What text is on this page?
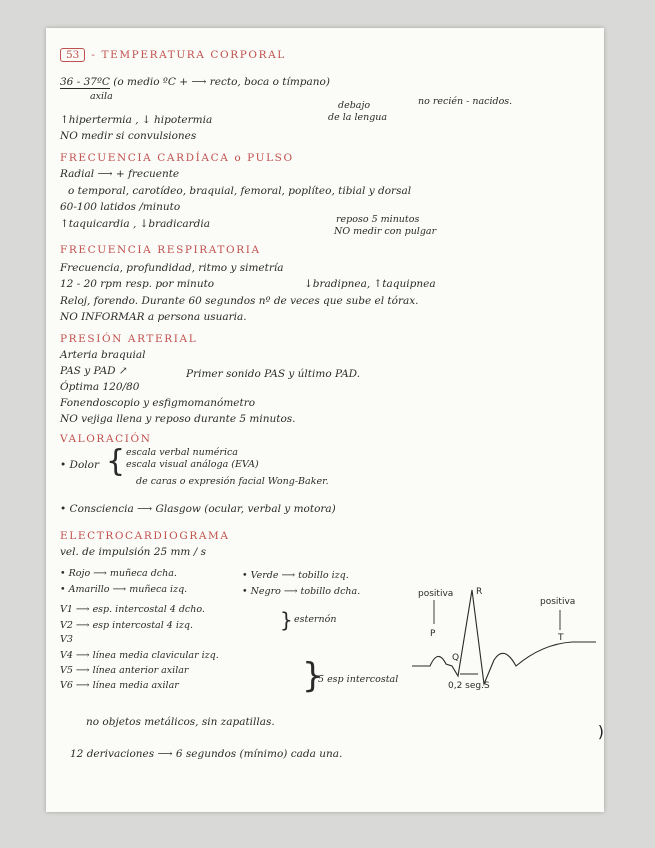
53 - TEMPERATURA CORPORAL
36 - 37ºC (o medio ºC + ⟶ recto, boca o tímpano)
axila
debajo
de la lengua
no recién - nacidos.
↑hipertermia , ↓ hipotermia
NO medir si convulsiones
FRECUENCIA CARDÍACA o PULSO
Radial ⟶ + frecuente
o temporal, carotídeo, braquial, femoral, poplíteo, tibial y dorsal
60-100 latidos /minuto
↑taquicardia , ↓bradicardia	reposo 5 minutos
NO medir con pulgar
FRECUENCIA RESPIRATORIA
Frecuencia, profundidad, ritmo y simetría
12 - 20 rpm resp. por minuto	↓bradipnea, ↑taquipnea
Reloj, forendo. Durante 60 segundos nº de veces que sube el tórax.
NO INFORMAR a persona usuaria.
PRESIÓN ARTERIAL
Arteria braquial
PAS y PAD ↗	Primer sonido PAS y último PAD.
Óptima 120/80
Fonendoscopio y esfigmomanómetro
NO vejiga llena y reposo durante 5 minutos.
VALORACIÓN
• Dolor { escala verbal numérica
escala visual análoga (EVA)
de caras o expresión facial Wong-Baker.
• Consciencia ⟶ Glasgow (ocular, verbal y motora)
ELECTROCARDIOGRAMA
vel. de impulsión 25 mm / s
• Rojo ⟶ muñeca dcha.	• Verde ⟶ tobillo izq.
• Amarillo ⟶ muñeca izq.	• Negro ⟶ tobillo dcha.
V1 ⟶ esp. intercostal 4 dcho.
V2 ⟶ esp intercostal 4 izq.	} esternón
V3
V4 ⟶ línea media clavicular izq.
V5 ⟶ línea anterior axilar
V6 ⟶ línea media axilar	}
5 esp intercostal
no objetos metálicos, sin zapatillas.
12 derivaciones ⟶ 6 segundos (mínimo) cada una.
positiva
positiva
R
P
Q
T
S
0,2 seg.
)
